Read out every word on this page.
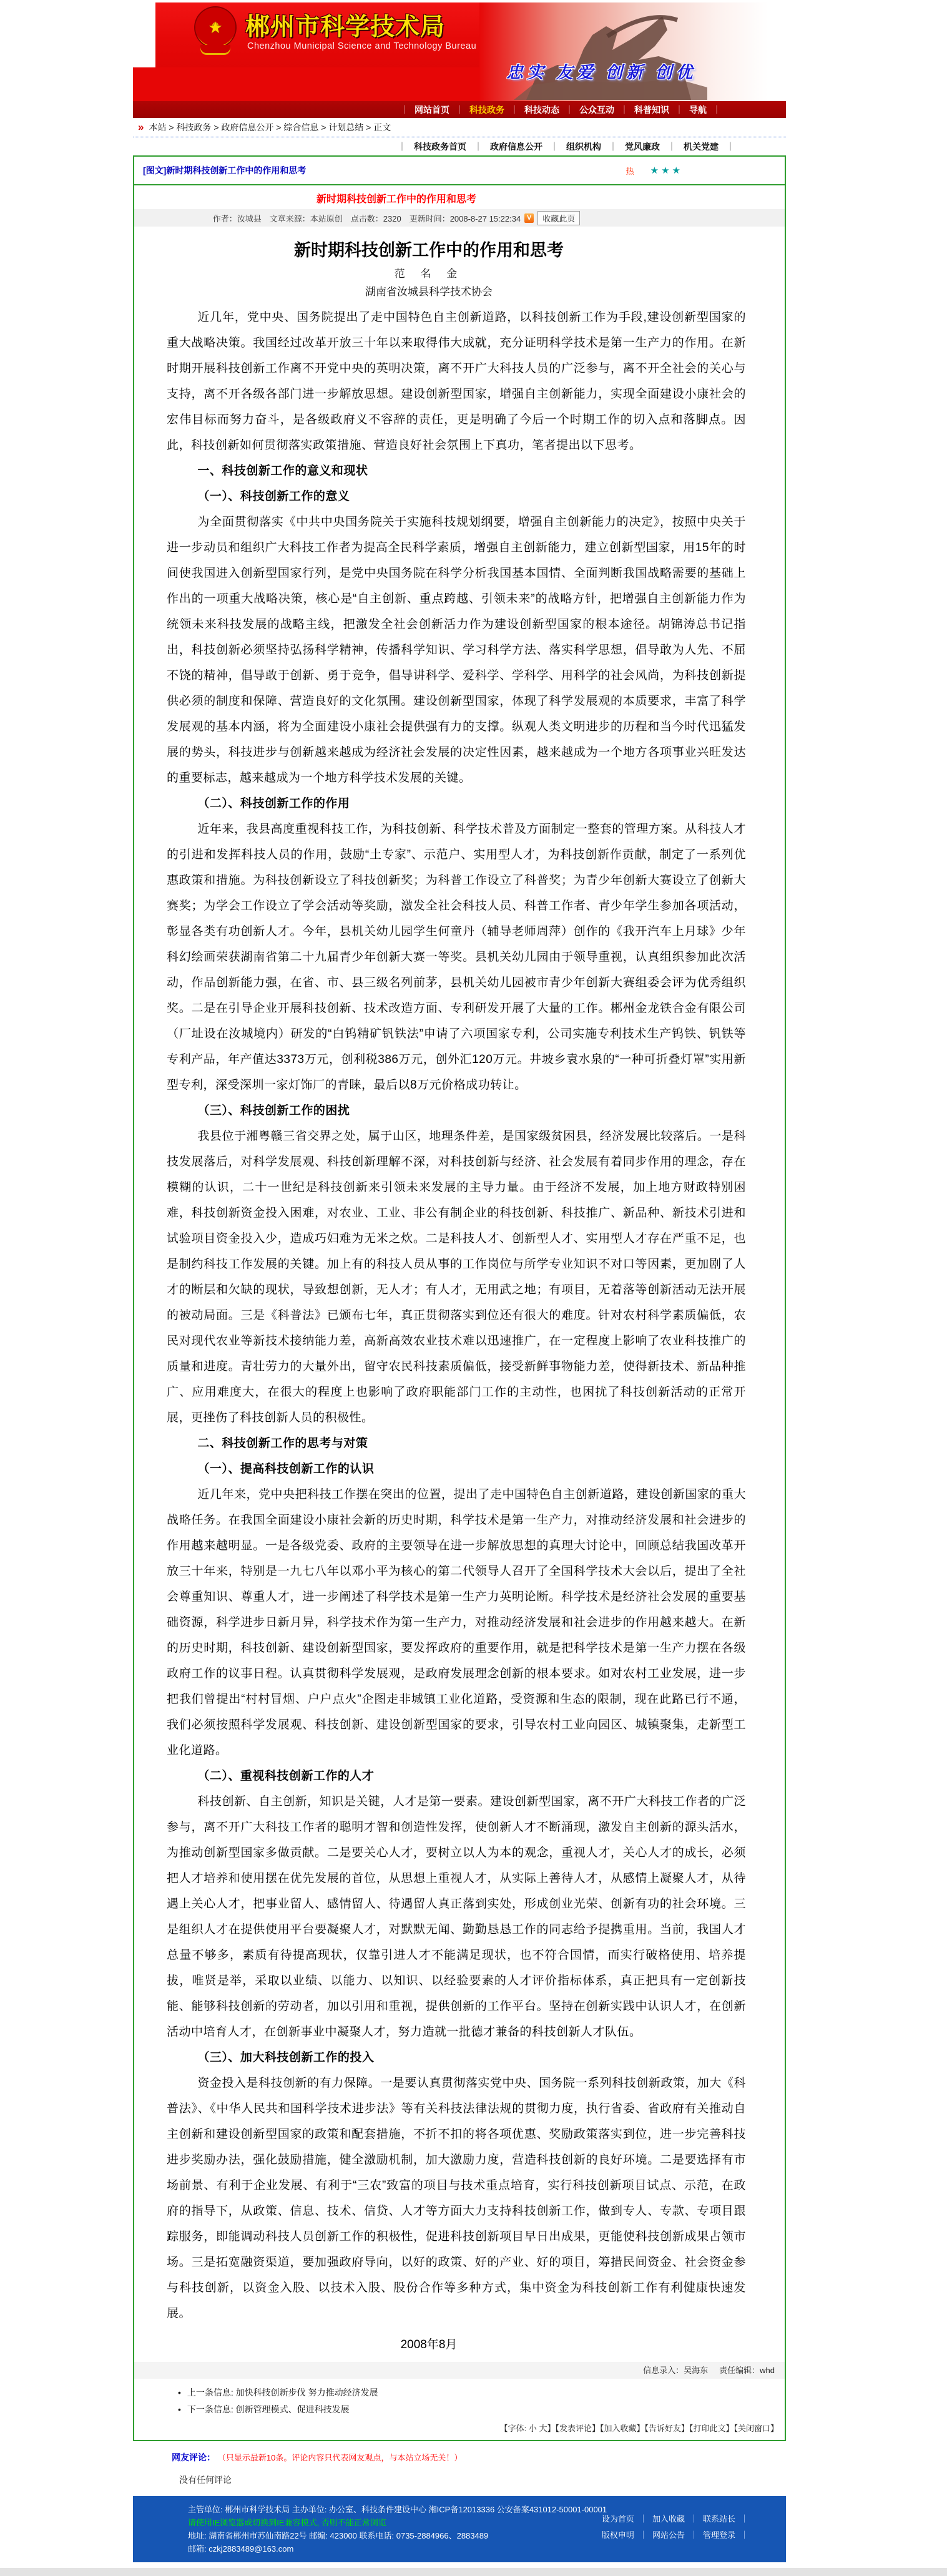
★ 郴州市科学技术局
Chenzhou Municipal Science and Technology Bureau
忠实 友爱 创新 创优
｜ 网站首页 ｜ 科技政务 ｜ 科技动态 ｜ 公众互动 ｜ 科普知识 ｜ 导航 ｜
» 本站 > 科技政务 > 政府信息公开 > 综合信息 > 计划总结 > 正文
｜ 科技政务首页 ｜ 政府信息公开 ｜ 组织机构 ｜ 党风廉政 ｜ 机关党建 ｜
[图文]新时期科技创新工作中的作用和思考	热 ★★★
新时期科技创新工作中的作用和思考
作者：汝城县　文章来源：本站原创　点击数：2320　更新时间：2008-8-27 15:22:34 V	收藏此页
新时期科技创新工作中的作用和思考
范 名 金
湖南省汝城县科学技术协会
近几年，党中央、国务院提出了走中国特色自主创新道路，以科技创新工作为手段,建设创新型国家的重大战略决策。我国经过改革开放三十年以来取得伟大成就，充分证明科学技术是第一生产力的作用。在新时期开展科技创新工作离不开党中央的英明决策，离不开广大科技人员的广泛参与，离不开全社会的关心与支持，离不开各级各部门进一步解放思想。建设创新型国家，增强自主创新能力，实现全面建设小康社会的宏伟目标而努力奋斗，是各级政府义不容辞的责任，更是明确了今后一个时期工作的切入点和落脚点。因此，科技创新如何贯彻落实政策措施、营造良好社会氛围上下真功，笔者提出以下思考。
一、科技创新工作的意义和现状
（一）、科技创新工作的意义
为全面贯彻落实《中共中央国务院关于实施科技规划纲要，增强自主创新能力的决定》，按照中央关于进一步动员和组织广大科技工作者为提高全民科学素质，增强自主创新能力，建立创新型国家，用15年的时间使我国进入创新型国家行列，是党中央国务院在科学分析我国基本国情、全面判断我国战略需要的基础上作出的一项重大战略决策，核心是“自主创新、重点跨越、引领未来”的战略方针，把增强自主创新能力作为统领未来科技发展的战略主线，把激发全社会创新活力作为建设创新型国家的根本途径。胡锦涛总书记指出，科技创新必须坚持弘扬科学精神，传播科学知识、学习科学方法、落实科学思想，倡导敢为人先、不屈不饶的精神，倡导敢于创新、勇于竞争，倡导讲科学、爱科学、学科学、用科学的社会风尚，为科技创新提供必须的制度和保障、营造良好的文化氛围。建设创新型国家，体现了科学发展观的本质要求，丰富了科学发展观的基本内涵，将为全面建设小康社会提供强有力的支撑。纵观人类文明进步的历程和当今时代迅猛发展的势头，科技进步与创新越来越成为经济社会发展的决定性因素，越来越成为一个地方各项事业兴旺发达的重要标志，越来越成为一个地方科学技术发展的关键。
（二）、科技创新工作的作用
近年来，我县高度重视科技工作，为科技创新、科学技术普及方面制定一整套的管理方案。从科技人才的引进和发挥科技人员的作用，鼓励“土专家”、示范户、实用型人才，为科技创新作贡献，制定了一系列优惠政策和措施。为科技创新设立了科技创新奖；为科普工作设立了科普奖；为青少年创新大赛设立了创新大赛奖；为学会工作设立了学会活动等奖励，激发全社会科技人员、科普工作者、青少年学生参加各项活动，彰显各类有功创新人才。今年，县机关幼儿园学生何童丹（辅导老师周萍）创作的《我开汽车上月球》少年科幻绘画荣获湖南省第二十九届青少年创新大赛一等奖。县机关幼儿园由于领导重视，认真组织参加此次活动，作品创新能力强，在省、市、县三级名列前茅，县机关幼儿园被市青少年创新大赛组委会评为优秀组织奖。二是在引导企业开展科技创新、技术改造方面、专利研发开展了大量的工作。郴州金龙铁合金有限公司（厂址设在汝城境内）研发的“白钨精矿钒铁法”申请了六项国家专利，公司实施专利技术生产钨铁、钒铁等专利产品，年产值达3373万元，创利税386万元，创外汇120万元。井坡乡袁水泉的“一种可折叠灯罩”实用新型专利，深受深圳一家灯饰厂的青睐，最后以8万元价格成功转让。
（三）、科技创新工作的困扰
我县位于湘粤赣三省交界之处，属于山区，地理条件差，是国家级贫困县，经济发展比较落后。一是科技发展落后，对科学发展观、科技创新理解不深，对科技创新与经济、社会发展有着同步作用的理念，存在模糊的认识，二十一世纪是科技创新来引领未来发展的主导力量。由于经济不发展，加上地方财政特别困难，科技创新资金投入困难，对农业、工业、非公有制企业的科技创新、科技推广、新品种、新技术引进和试验项目资金投入少，造成巧妇难为无米之炊。二是科技人才、创新型人才、实用型人才存在严重不足，也是制约科技工作发展的关键。加上有的科技人员从事的工作岗位与所学专业知识不对口等因素，更加剧了人才的断层和欠缺的现状，导致想创新，无人才；有人才，无用武之地；有项目，无着落等创新活动无法开展的被动局面。三是《科普法》已颁布七年，真正贯彻落实到位还有很大的难度。针对农村科学素质偏低，农民对现代农业等新技术接纳能力差，高新高效农业技术难以迅速推广，在一定程度上影响了农业科技推广的质量和进度。青壮劳力的大量外出，留守农民科技素质偏低，接受新鲜事物能力差，使得新技术、新品种推广、应用难度大，在很大的程度上也影响了政府职能部门工作的主动性，也困扰了科技创新活动的正常开展，更挫伤了科技创新人员的积极性。
二、科技创新工作的思考与对策
（一）、提高科技创新工作的认识
近几年来，党中央把科技工作摆在突出的位置，提出了走中国特色自主创新道路，建设创新国家的重大战略任务。在我国全面建设小康社会新的历史时期，科学技术是第一生产力，对推动经济发展和社会进步的作用越来越明显。一是各级党委、政府的主要领导在进一步解放思想的真理大讨论中，回顾总结我国改革开放三十年来，特别是一九七八年以邓小平为核心的第二代领导人召开了全国科学技术大会以后，提出了全社会尊重知识、尊重人才，进一步阐述了科学技术是第一生产力英明论断。科学技术是经济社会发展的重要基础资源，科学进步日新月异，科学技术作为第一生产力，对推动经济发展和社会进步的作用越来越大。在新的历史时期，科技创新、建设创新型国家，要发挥政府的重要作用，就是把科学技术是第一生产力摆在各级政府工作的议事日程。认真贯彻科学发展观，是政府发展理念创新的根本要求。如对农村工业发展，进一步把我们曾提出“村村冒烟、户户点火”企图走非城镇工业化道路，受资源和生态的限制，现在此路已行不通，我们必须按照科学发展观、科技创新、建设创新型国家的要求，引导农村工业向园区、城镇聚集，走新型工业化道路。
（二）、重视科技创新工作的人才
科技创新、自主创新，知识是关键，人才是第一要素。建设创新型国家，离不开广大科技工作者的广泛参与，离不开广大科技工作者的聪明才智和创造性发挥，使创新人才不断涌现，激发自主创新的源头活水，为推动创新型国家多做贡献。二是要关心人才，要树立以人为本的观念，重视人才，关心人才的成长，必须把人才培养和使用摆在优先发展的首位，从思想上重视人才，从实际上善待人才，从感情上凝聚人才，从待遇上关心人才，把事业留人、感情留人、待遇留人真正落到实处，形成创业光荣、创新有功的社会环境。三是组织人才在提供使用平台要凝聚人才，对默默无闻、勤勤恳恳工作的同志给予提携重用。当前，我国人才总量不够多，素质有待提高现状，仅靠引进人才不能满足现状，也不符合国情，而实行破格使用、培养提拔，唯贤是举，采取以业绩、以能力、以知识、以经验要素的人才评价指标体系，真正把具有一定创新技能、能够科技创新的劳动者，加以引用和重视，提供创新的工作平台。坚持在创新实践中认识人才，在创新活动中培育人才，在创新事业中凝聚人才，努力造就一批德才兼备的科技创新人才队伍。
（三）、加大科技创新工作的投入
资金投入是科技创新的有力保障。一是要认真贯彻落实党中央、国务院一系列科技创新政策，加大《科普法》、《中华人民共和国科学技术进步法》等有关科技法律法规的贯彻力度，执行省委、省政府有关推动自主创新和建设创新型国家的政策和配套措施，不折不扣的将各项优惠、奖励政策落实到位，进一步完善科技进步奖励办法，强化鼓励措施，健全激励机制，加大激励力度，营造科技创新的良好环境。二是要选择有市场前景、有利于企业发展、有利于“三农”致富的项目与技术重点培育，实行科技创新项目试点、示范，在政府的指导下，从政策、信息、技术、信贷、人才等方面大力支持科技创新工作，做到专人、专款、专项目跟踪服务，即能调动科技人员创新工作的积极性，促进科技创新项目早日出成果，更能使科技创新成果占领市场。三是拓宽融资渠道，要加强政府导向，以好的政策、好的产业、好的项目，筹措民间资金、社会资金参与科技创新，以资金入股、以技术入股、股份合作等多种方式，集中资金为科技创新工作有利健康快速发展。
2008年8月
信息录入：吴海东 责任编辑：whd
• 上一条信息: 加快科技创新步伐 努力推动经济发展
• 下一条信息: 创新管理模式、促进科技发展
【字体: 小 大】【发表评论】【加入收藏】【告诉好友】【打印此文】【关闭窗口】
网友评论： （只显示最新10条。评论内容只代表网友观点，与本站立场无关！）
没有任何评论
主管单位: 郴州市科学技术局 主办单位: 办公室、科技条件建设中心 湘ICP备12013336 公安备案431012-50001-00001
请使用IE浏览器或切换到IE兼容模式, 否则不能正常浏览
地址: 湖南省郴州市苏仙南路22号 邮编: 423000 联系电话: 0735-2884966、2883489
邮箱: czkj2883489@163.com
设为首页 ｜ 加入收藏 ｜ 联系站长 ｜
版权申明 ｜ 网站公告 ｜ 管理登录 ｜
